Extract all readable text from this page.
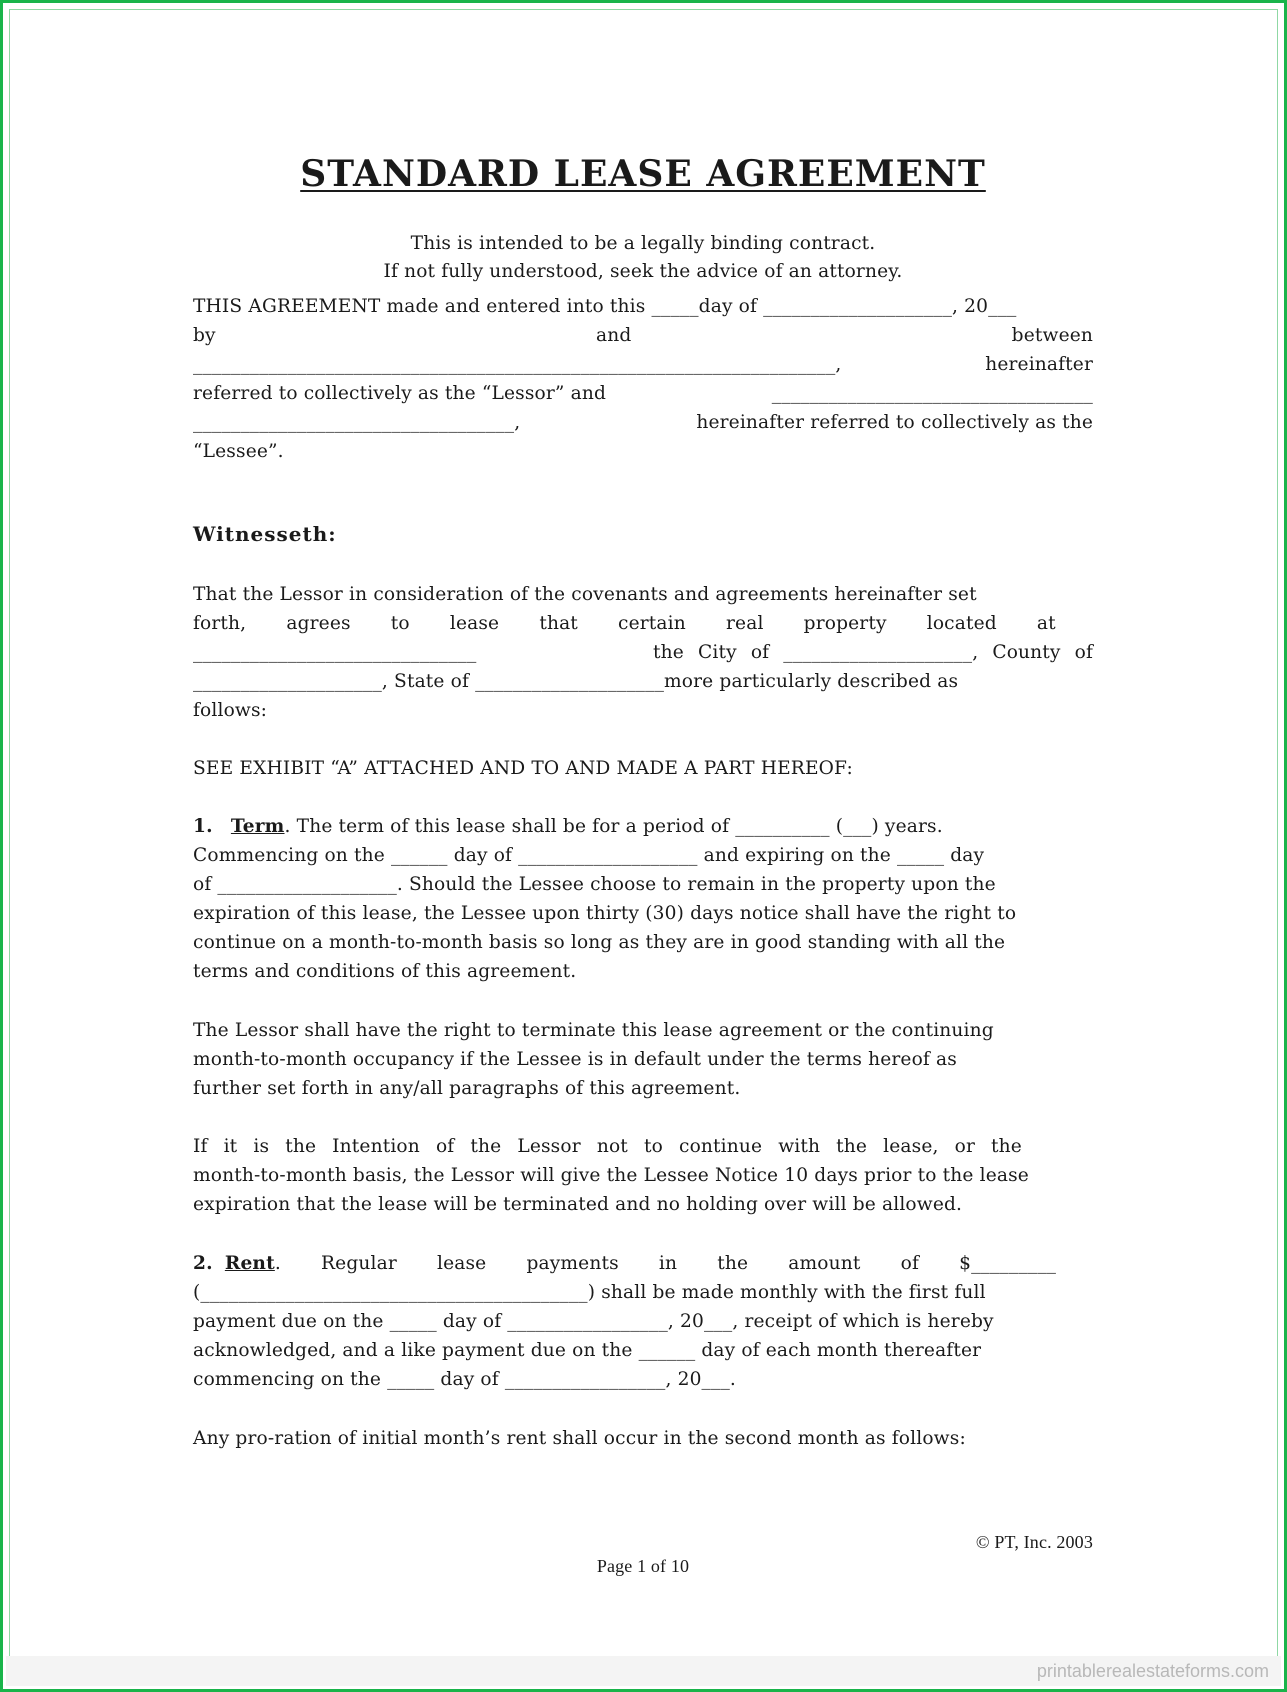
STANDARD LEASE AGREEMENT
This is intended to be a legally binding contract.
If not fully understood, seek the advice of an attorney.
THIS AGREEMENT made and entered into this _____day of ____________________, 20___
by	and	between
____________________________________________________________________,	hereinafter
referred to collectively as the “Lessor” and	__________________________________
__________________________________,	hereinafter referred to collectively as the
“Lessee”.
Witnesseth:
That the Lessor in consideration of the covenants and agreements hereinafter set
forth,  agrees  to  lease  that  certain  real  property  located  at
______________________________	the City of ____________________, County of
____________________, State of ____________________more particularly described as
follows:
SEE EXHIBIT “A” ATTACHED AND TO AND MADE A PART HEREOF:
1. Term. The term of this lease shall be for a period of __________ (___) years.
Commencing on the ______ day of ___________________ and expiring on the _____ day
of ___________________. Should the Lessee choose to remain in the property upon the
expiration of this lease, the Lessee upon thirty (30) days notice shall have the right to
continue on a month-to-month basis so long as they are in good standing with all the
terms and conditions of this agreement.
The Lessor shall have the right to terminate this lease agreement or the continuing
month-to-month occupancy if the Lessee is in default under the terms hereof as
further set forth in any/all paragraphs of this agreement.
If it is the Intention of the Lessor not to continue with the lease, or the
month-to-month basis, the Lessor will give the Lessee Notice 10 days prior to the lease
expiration that the lease will be terminated and no holding over will be allowed.
2. Rent.  Regular  lease  payments  in  the  amount  of  $_________
(_________________________________________) shall be made monthly with the first full
payment due on the _____ day of _________________, 20___, receipt of which is hereby
acknowledged, and a like payment due on the ______ day of each month thereafter
commencing on the _____ day of _________________, 20___.
Any pro-ration of initial month’s rent shall occur in the second month as follows:
© PT, Inc. 2003
Page 1 of 10
printablerealestateforms.com
